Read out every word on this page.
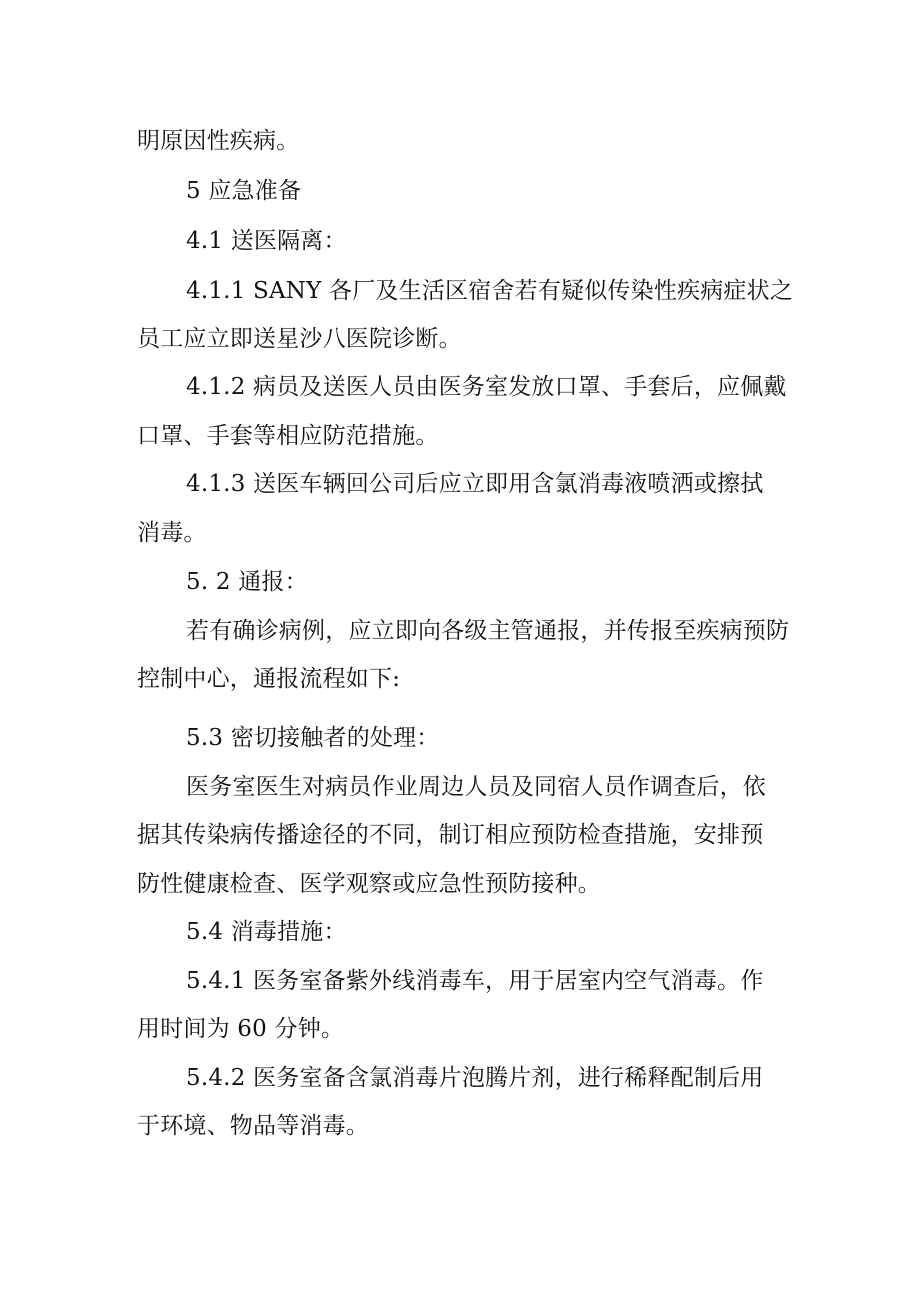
明原因性疾病。
5 应急准备
4.1 送医隔离：
4.1.1 SANY 各厂及生活区宿舍若有疑似传染性疾病症状之
员工应立即送星沙八医院诊断。
4.1.2 病员及送医人员由医务室发放口罩、手套后，应佩戴
口罩、手套等相应防范措施。
4.1.3 送医车辆回公司后应立即用含氯消毒液喷洒或擦拭
消毒。
5. 2 通报：
若有确诊病例，应立即向各级主管通报，并传报至疾病预防
控制中心，通报流程如下:
5.3 密切接触者的处理：
医务室医生对病员作业周边人员及同宿人员作调查后，依
据其传染病传播途径的不同，制订相应预防检查措施，安排预
防性健康检查、医学观察或应急性预防接种。
5.4 消毒措施：
5.4.1 医务室备紫外线消毒车，用于居室内空气消毒。作
用时间为 60 分钟。
5.4.2 医务室备含氯消毒片泡腾片剂，进行稀释配制后用
于环境、物品等消毒。
